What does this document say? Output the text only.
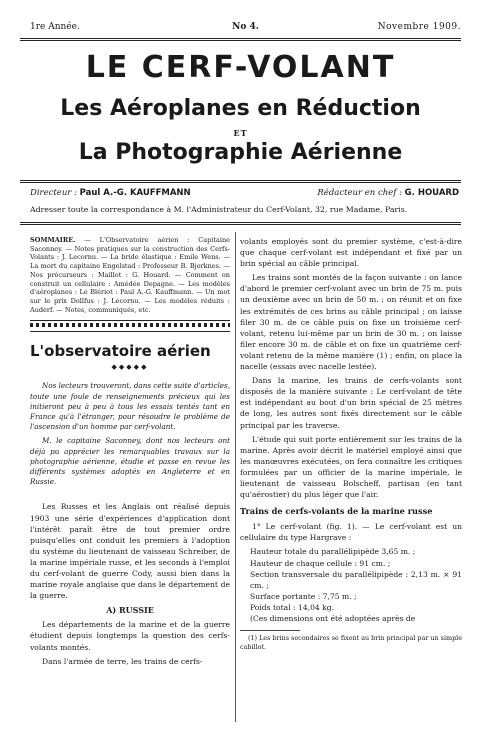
1re Année.	No 4.	Novembre 1909.
LE CERF-VOLANT
Les Aéroplanes en Réduction
ET
La Photographie Aérienne
Directeur : Paul A.-G. KAUFFMANN	Rédacteur en chef : G. HOUARD
Adresser toute la correspondance à M. l'Administrateur du Cerf-Volant, 32, rue Madame, Paris.
SOMMAIRE. — L'Observatoire aérien : Capitaine Saconney. — Notes pratiques sur la construction des Cerfs-Volants : J. Lecornu. — La bride élastique : Emile Wens. — La mort du capitaine Engelstad : Professeur B. Bjerknes. — Nos précurseurs : Maillot : G. Houard. — Comment on construit un cellulaire : Amédée Depagne. — Les modèles d'aéroplanes : Le Blériot : Paul A.-G. Kauffmann. — Un mot sur le prix Dollfus : J. Lecornu. — Les modèles réduits : Auderf. — Notes, communiqués, etc.
L'observatoire aérien
◆◆◆◆◆

Nos lecteurs trouveront, dans cette suite d'articles, toute une foule de renseignements précieux qui les initieront peu à peu à tous les essais tentés tant en France qu'à l'étranger, pour résoudre le problème de l'ascension d'un homme par cerf-volant.

M. le capitaine Saconney, dont nos lecteurs ont déjà pu apprécier les remarquables travaux sur la photographie aérienne, étudie et passe en revue les différents systèmes adoptés en Angleterre et en Russie.

Les Russes et les Anglais ont réalisé depuis 1903 une série d'expériences d'application dont l'intérêt paraît être de tout premier ordre puisqu'elles ont conduit les premiers à l'adoption du système du lieutenant de vaisseau Schreiber, de la marine impériale russe, et les seconds à l'emploi du cerf-volant de guerre Cody, aussi bien dans la marine royale anglaise que dans le département de la guerre.

A) RUSSIE

Les départements de la marine et de la guerre étudient depuis longtemps la question des cerfs-volants montés.

Dans l'armée de terre, les trains de cerfs-

volants employés sont du premier système, c'est-à-dire que chaque cerf-volant est indépendant et fixé par un brin spécial au câble principal.

Les trains sont montés de la façon suivante : on lance d'abord le premier cerf-volant avec un brin de 75 m. puis un deuxième avec un brin de 50 m. ; on réunit et on fixe les extrémités de ces brins au câble principal ; on laisse filer 30 m. de ce câble puis on fixe un troisième cerf-volant, retenu lui-même par un brin de 30 m. ; on laisse filer encore 30 m. de câble et on fixe un quatrième cerf-volant retenu de la même manière (1) ; enfin, on place la nacelle (essais avec nacelle lestée).

Dans la marine, les trains de cerfs-volants sont disposés de la manière suivante : Le cerf-volant de tête est indépendant au bout d'un brin spécial de 25 mètres de long, les autres sont fixés directement sur le câble principal par les traverse.

L'étude qui suit porte entièrement sur les trains de la marine. Après avoir décrit le matériel employé ainsi que les manœuvres exécutées, on fera connaître les critiques formulées par un officier de la marine impériale, le lieutenant de vaisseau Bolscheff, partisan (en tant qu'aérostier) du plus léger que l'air.

Trains de cerfs-volants de la marine russe

1° Le cerf-volant (fig. 1). — Le cerf-volant est un cellulaire du type Hargrave :

Hauteur totale du parallélipipède 3,65 m. ;

Hauteur de chaque cellule : 91 cm. ;

Section transversale du parallélipipède : 2,13 m. × 91 cm. ;

Surface portante : 7,75 m. ;

Poids total : 14,04 kg.

(Ces dimensions ont été adoptées après de

(1) Les brins secondaires se fixent au brin principal par un simple cabillot.
